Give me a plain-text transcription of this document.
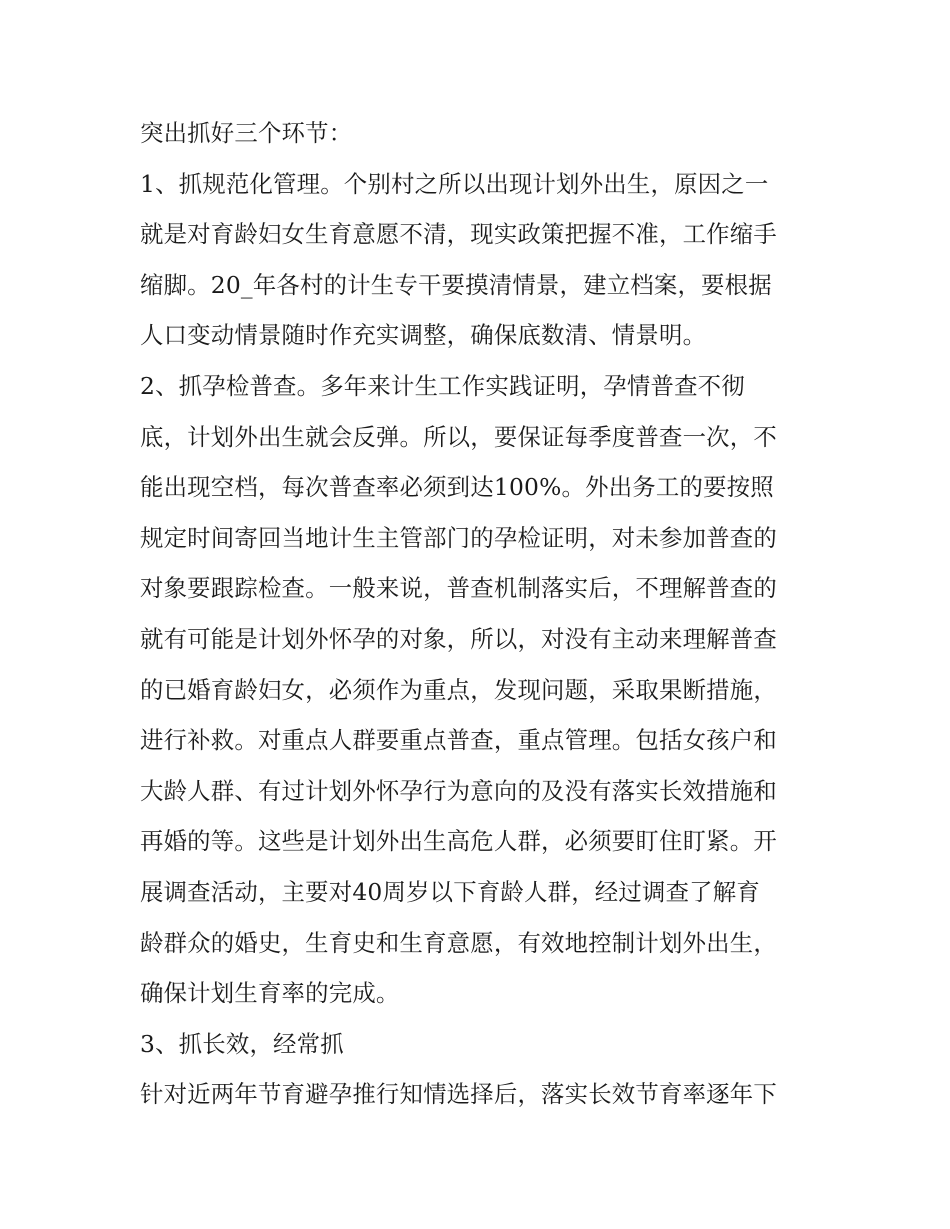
突出抓好三个环节：
1、抓规范化管理。个别村之所以出现计划外出生，原因之一
就是对育龄妇女生育意愿不清，现实政策把握不准，工作缩手
缩脚。20_年各村的计生专干要摸清情景，建立档案，要根据
人口变动情景随时作充实调整，确保底数清、情景明。
2、抓孕检普查。多年来计生工作实践证明，孕情普查不彻
底，计划外出生就会反弹。所以，要保证每季度普查一次，不
能出现空档，每次普查率必须到达100%。外出务工的要按照
规定时间寄回当地计生主管部门的孕检证明，对未参加普查的
对象要跟踪检查。一般来说，普查机制落实后，不理解普查的
就有可能是计划外怀孕的对象，所以，对没有主动来理解普查
的已婚育龄妇女，必须作为重点，发现问题，采取果断措施，
进行补救。对重点人群要重点普查，重点管理。包括女孩户和
大龄人群、有过计划外怀孕行为意向的及没有落实长效措施和
再婚的等。这些是计划外出生高危人群，必须要盯住盯紧。开
展调查活动，主要对40周岁以下育龄人群，经过调查了解育
龄群众的婚史，生育史和生育意愿，有效地控制计划外出生，
确保计划生育率的完成。
3、抓长效，经常抓
针对近两年节育避孕推行知情选择后，落实长效节育率逐年下
